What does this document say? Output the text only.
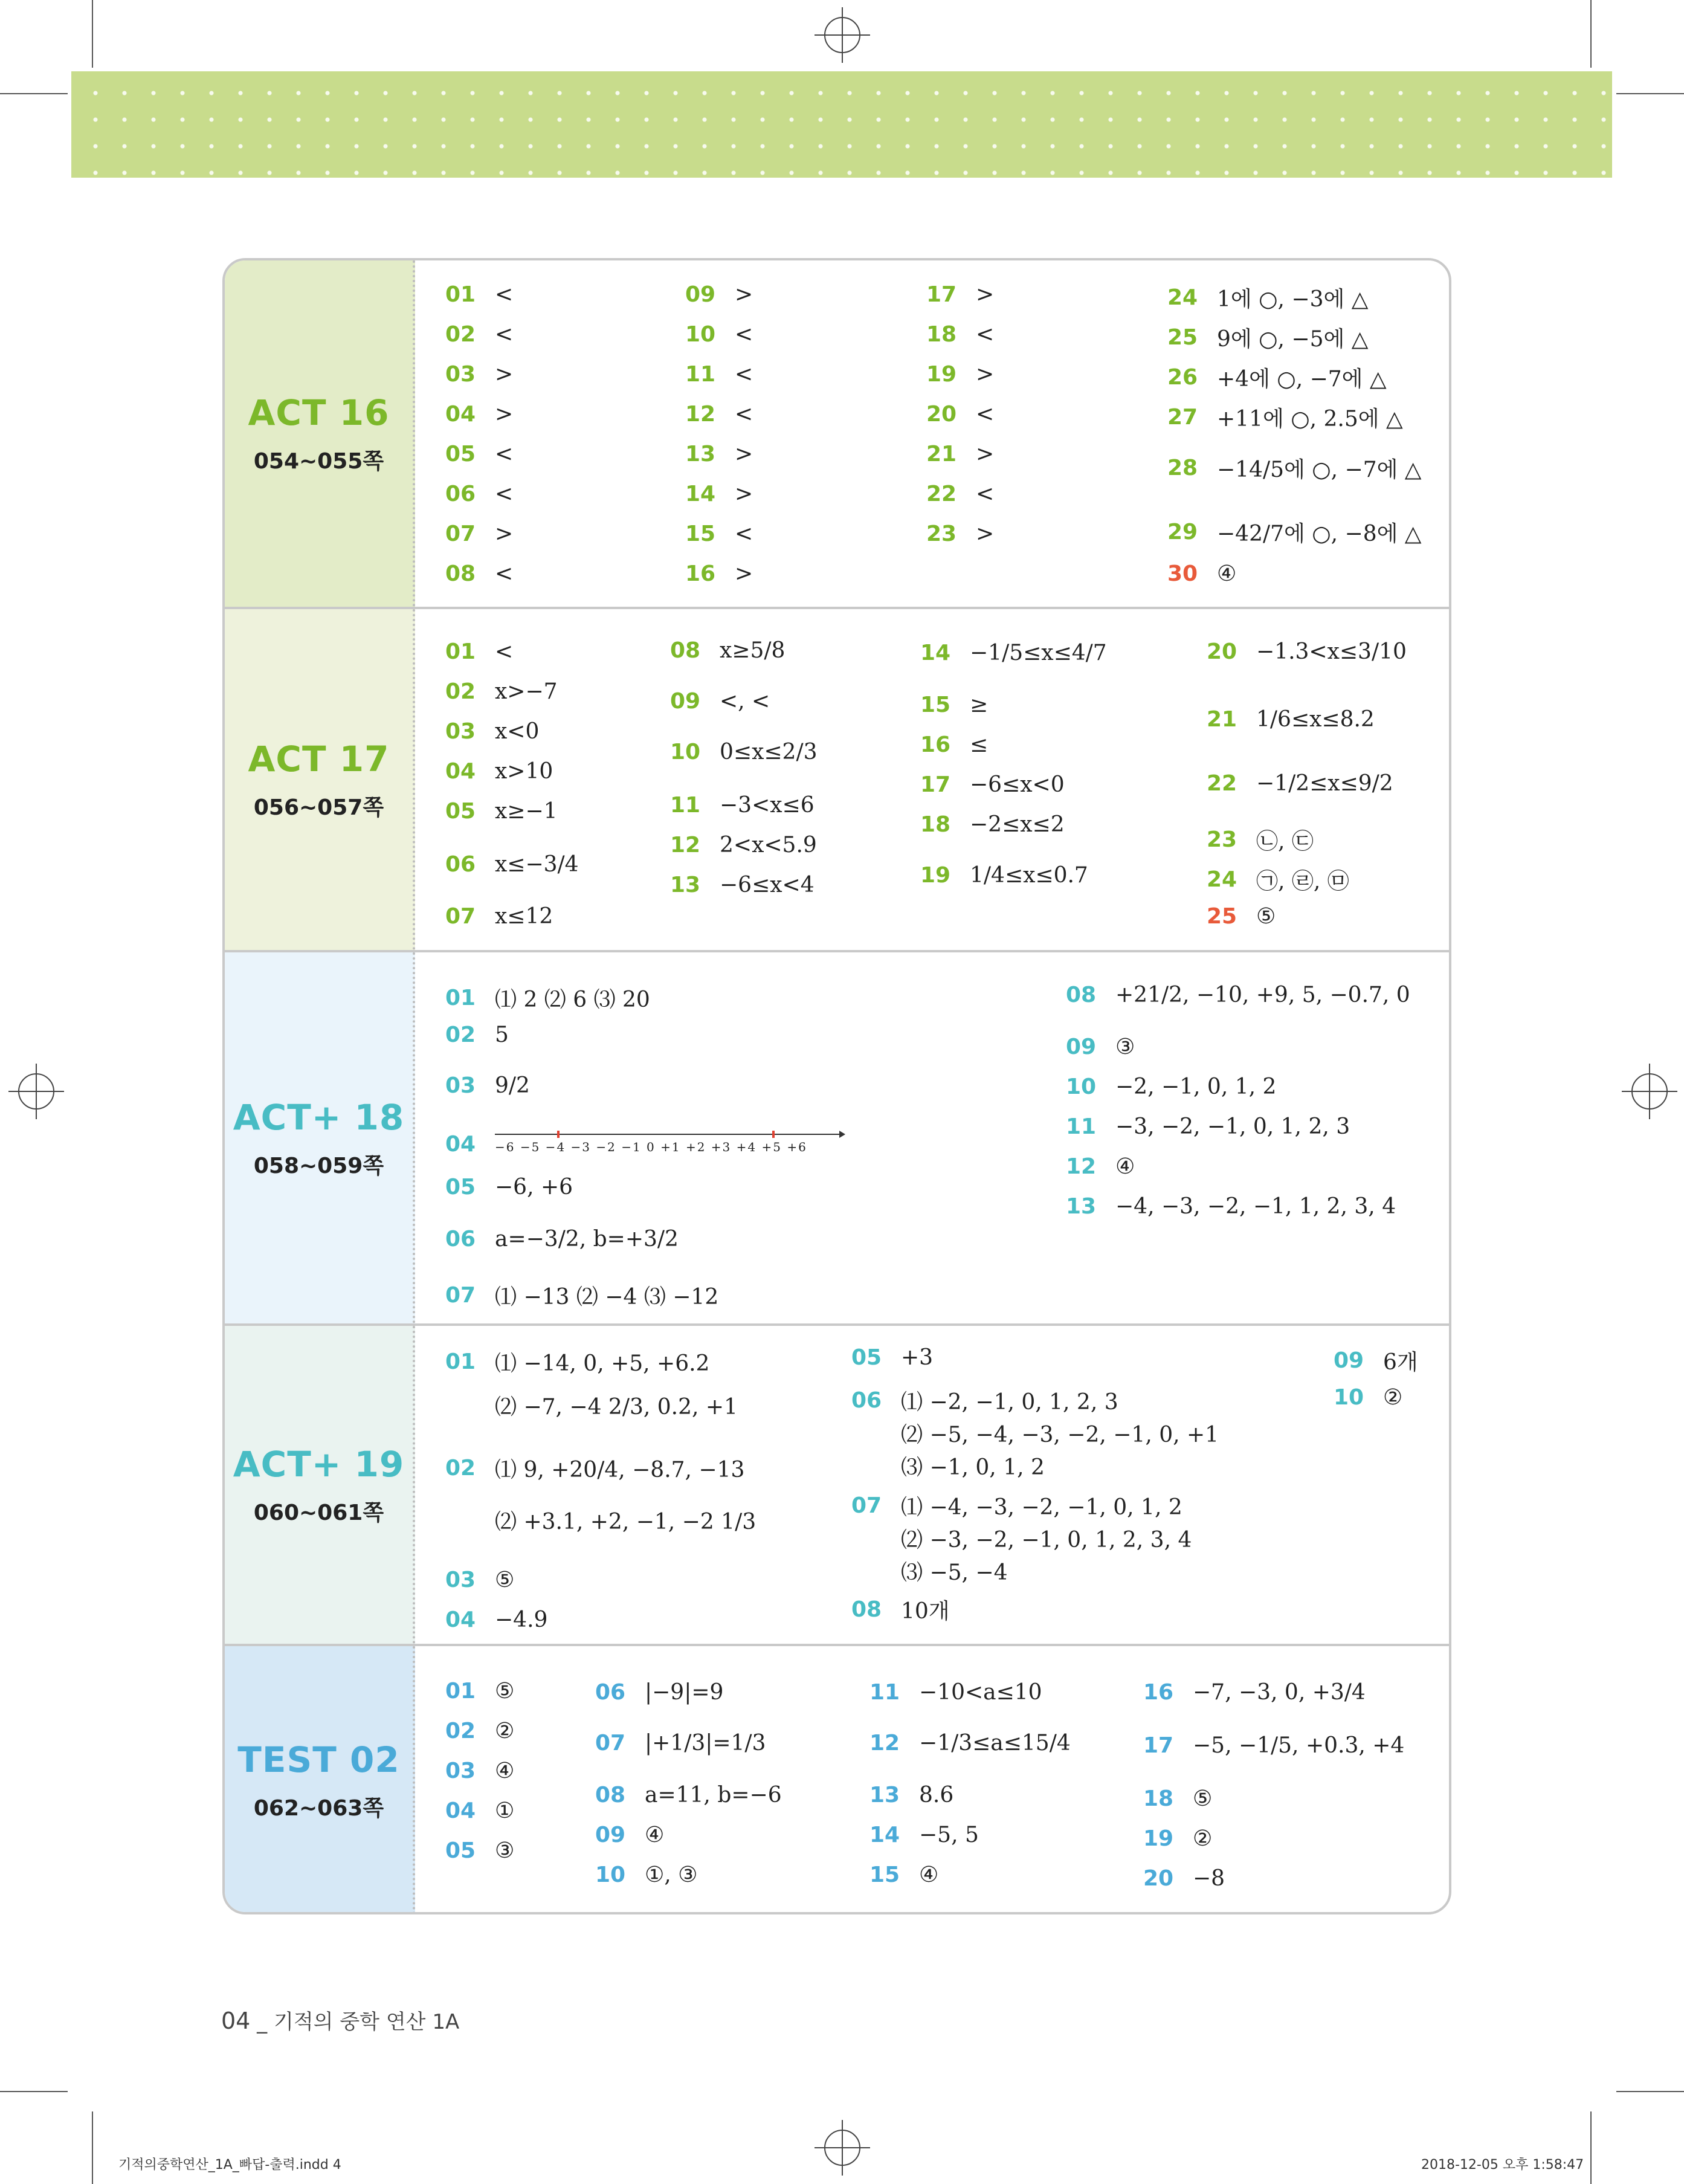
ACT 16
054~055쪽
01 <
02 <
03 >
04 >
05 <
06 <
07 >
08 <
09 >
10 <
11 <
12 <
13 >
14 >
15 <
16 >
17 >
18 <
19 >
20 <
21 >
22 <
23 >
24 1에 ○, −3에 △
25 9에 ○, −5에 △
26 +4에 ○, −7에 △
27 +11에 ○, 2.5에 △
28 −14/5에 ○, −7에 △
29 −42/7에 ○, −8에 △
30 ④
ACT 17
056~057쪽
01 <
02 x>−7
03 x<0
04 x>10
05 x≥−1
06 x≤−3/4
07 x≤12
08 x≥5/8
09 <, <
10 0≤x≤2/3
11 −3<x≤6
12 2<x<5.9
13 −6≤x<4
14 −1/5≤x≤4/7
15 ≥
16 ≤
17 −6≤x<0
18 −2≤x≤2
19 1/4≤x≤0.7
20 −1.3<x≤3/10
21 1/6≤x≤8.2
22 −1/2≤x≤9/2
23 ㉡, ㉢
24 ㉠, ㉣, ㉤
25 ⑤
ACT+ 18
058~059쪽
01 ⑴ 2 ⑵ 6 ⑶ 20
02 5
03 9/2
04	−6 −5 −4 −3 −2 −1 0 +1 +2 +3 +4 +5 +6
05 −6, +6
06 a=−3/2, b=+3/2
07 ⑴ −13 ⑵ −4 ⑶ −12
08 +21/2, −10, +9, 5, −0.7, 0
09 ③
10 −2, −1, 0, 1, 2
11 −3, −2, −1, 0, 1, 2, 3
12 ④
13 −4, −3, −2, −1, 1, 2, 3, 4
ACT+ 19
060~061쪽
01 ⑴ −14, 0, +5, +6.2
⑵ −7, −4 2/3, 0.2, +1
02 ⑴ 9, +20/4, −8.7, −13
⑵ +3.1, +2, −1, −2 1/3
03 ⑤
04 −4.9
05 +3
06 ⑴ −2, −1, 0, 1, 2, 3
⑵ −5, −4, −3, −2, −1, 0, +1
⑶ −1, 0, 1, 2
07 ⑴ −4, −3, −2, −1, 0, 1, 2
⑵ −3, −2, −1, 0, 1, 2, 3, 4
⑶ −5, −4
08 10개
09 6개
10 ②
TEST 02
062~063쪽
01 ⑤
02 ②
03 ④
04 ①
05 ③
06 |−9|=9
07 |+1/3|=1/3
08 a=11, b=−6
09 ④
10 ①, ③
11 −10<a≤10
12 −1/3≤a≤15/4
13 8.6
14 −5, 5
15 ④
16 −7, −3, 0, +3/4
17 −5, −1/5, +0.3, +4
18 ⑤
19 ②
20 −8
04 _ 기적의 중학 연산 1A
기적의중학연산_1A_빠답-출력.indd 4	2018-12-05 오후 1:58:47
